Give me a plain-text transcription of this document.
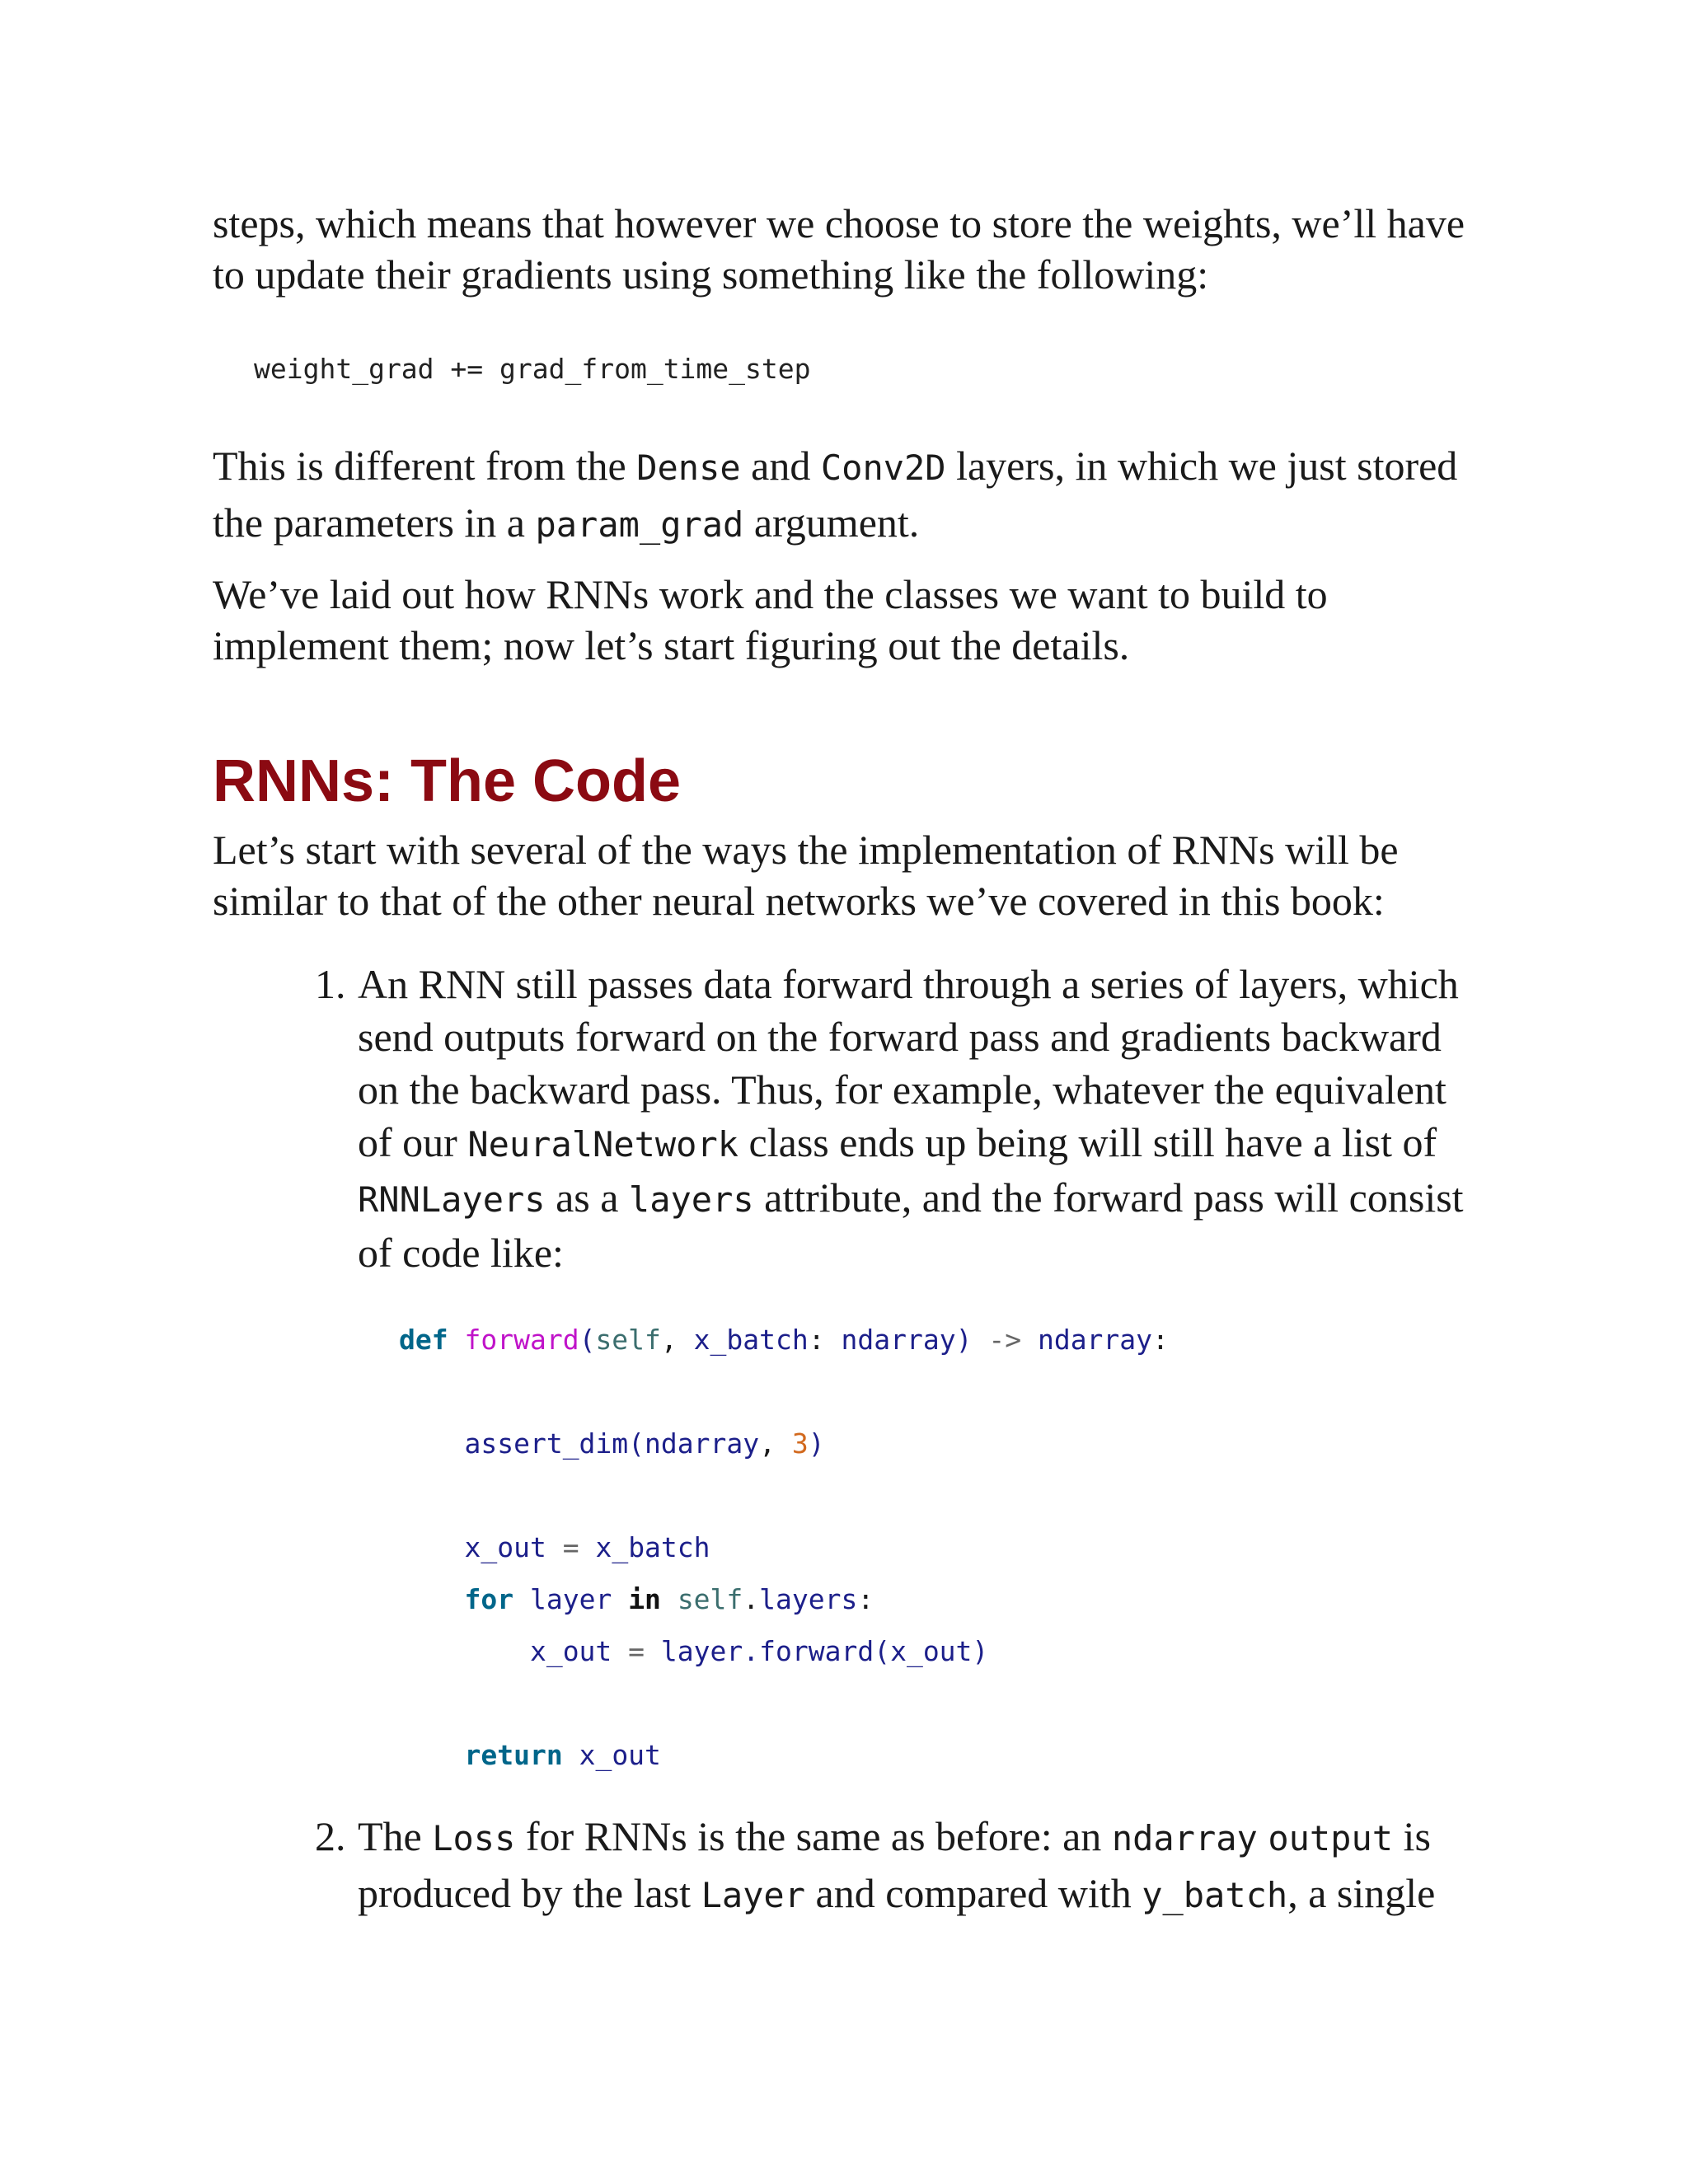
steps, which means that however we choose to store the weights, we’ll have
to update their gradients using something like the following:

weight_grad += grad_from_time_step

This is different from the Dense and Conv2D layers, in which we just stored
the parameters in a param_grad argument.

We’ve laid out how RNNs work and the classes we want to build to
implement them; now let’s start figuring out the details.

RNNs: The Code

Let’s start with several of the ways the implementation of RNNs will be
similar to that of the other neural networks we’ve covered in this book:

1. An RNN still passes data forward through a series of layers, which
send outputs forward on the forward pass and gradients backward
on the backward pass. Thus, for example, whatever the equivalent
of our NeuralNetwork class ends up being will still have a list of
RNNLayers as a layers attribute, and the forward pass will consist
of code like:
def forward(self, x_batch: ndarray) -> ndarray:

assert_dim(ndarray, 3)

x_out = x_batch
for layer in self.layers:
x_out = layer.forward(x_out)

return x_out
2. The Loss for RNNs is the same as before: an ndarray output is
produced by the last Layer and compared with y_batch, a single
